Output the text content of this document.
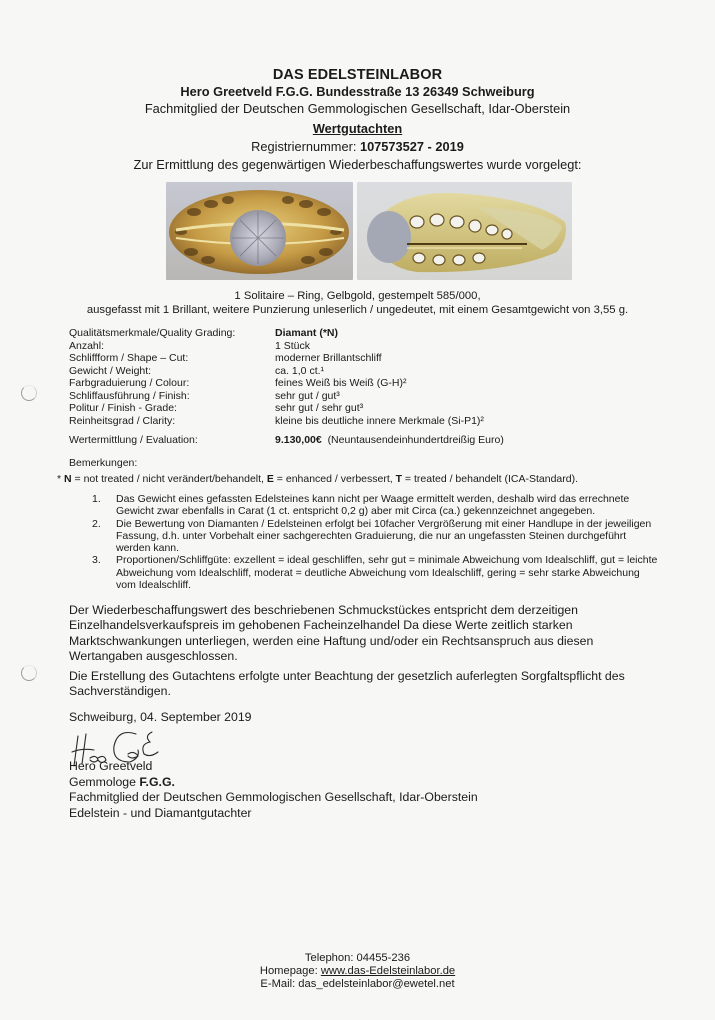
DAS EDELSTEINLABOR
Hero Greetveld F.G.G. Bundesstraße 13 26349 Schweiburg
Fachmitglied der Deutschen Gemmologischen Gesellschaft, Idar-Oberstein
Wertgutachten
Registriernummer: 107573527 - 2019
Zur Ermittlung des gegenwärtigen Wiederbeschaffungswertes wurde vorgelegt:
1 Solitaire – Ring, Gelbgold, gestempelt 585/000,
ausgefasst mit 1 Brillant, weitere Punzierung unleserlich / ungedeutet, mit einem Gesamtgewicht von 3,55 g.
Qualitätsmerkmale/Quality Grading:	Diamant (*N)
Anzahl:	1 Stück
Schliffform / Shape – Cut:	moderner Brillantschliff
Gewicht / Weight:	ca. 1,0 ct.¹
Farbgraduierung / Colour:	feines Weiß bis Weiß (G-H)²
Schliffausführung / Finish:	sehr gut / gut³
Politur / Finish - Grade:	sehr gut / sehr gut³
Reinheitsgrad / Clarity:	kleine bis deutliche innere Merkmale (Si-P1)²
Wertermittlung / Evaluation:	9.130,00€ (Neuntausendeinhundertdreißig Euro)
Bemerkungen:
* N = not treated / nicht verändert/behandelt, E = enhanced / verbessert, T = treated / behandelt (ICA-Standard).
1.	Das Gewicht eines gefassten Edelsteines kann nicht per Waage ermittelt werden, deshalb wird das errechnete Gewicht zwar ebenfalls in Carat (1 ct. entspricht 0,2 g) aber mit Circa (ca.) gekennzeichnet angegeben.
2.	Die Bewertung von Diamanten / Edelsteinen erfolgt bei 10facher Vergrößerung mit einer Handlupe in der jeweiligen Fassung, d.h. unter Vorbehalt einer sachgerechten Graduierung, die nur an ungefassten Steinen durchgeführt werden kann.
3.	Proportionen/Schliffgüte: exzellent = ideal geschliffen, sehr gut = minimale Abweichung vom Idealschliff, gut = leichte Abweichung vom Idealschliff, moderat = deutliche Abweichung vom Idealschliff, gering = sehr starke Abweichung vom Idealschliff.
Der Wiederbeschaffungswert des beschriebenen Schmuckstückes entspricht dem derzeitigen Einzelhandelsverkaufspreis im gehobenen Facheinzelhandel Da diese Werte zeitlich starken Marktschwankungen unterliegen, werden eine Haftung und/oder ein Rechtsanspruch aus diesen Wertangaben ausgeschlossen.
Die Erstellung des Gutachtens erfolgte unter Beachtung der gesetzlich auferlegten Sorgfaltspflicht des Sachverständigen.
Schweiburg, 04. September 2019
Hero Greetveld
Gemmologe F.G.G.
Fachmitglied der Deutschen Gemmologischen Gesellschaft, Idar-Oberstein
Edelstein - und Diamantgutachter
Telephon: 04455-236
Homepage: www.das-Edelsteinlabor.de
E-Mail: das_edelsteinlabor@ewetel.net
